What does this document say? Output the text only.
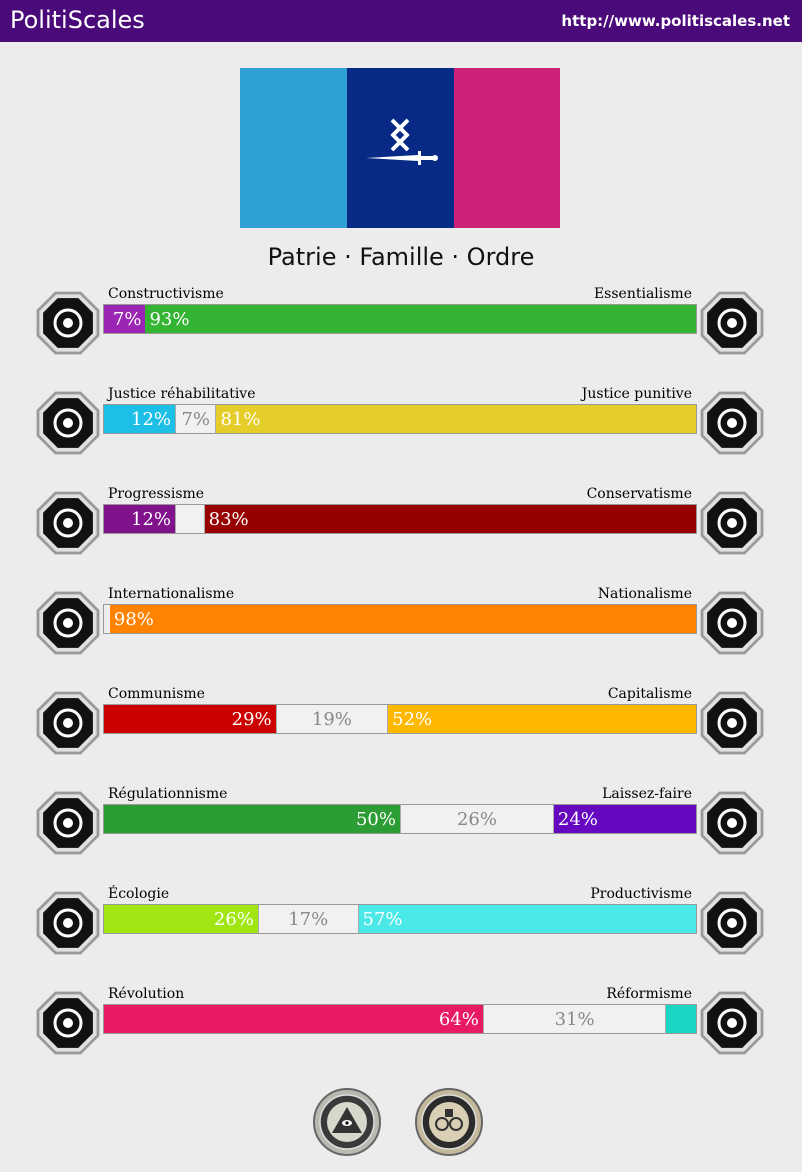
PolitiScales	http://www.politiscales.net
Patrie · Famille · Ordre
Constructivisme	Essentialisme
7% 93%
Justice réhabilitative	Justice punitive
12% 7% 81%
Progressisme	Conservatisme
12% 83%
Internationalisme	Nationalisme
98%
Communisme	Capitalisme
29%	19%	52%
Régulationnisme	Laissez-faire
50%	26%	24%
Écologie	Productivisme
26%	17%	57%
Révolution	Réformisme
64%	31%
